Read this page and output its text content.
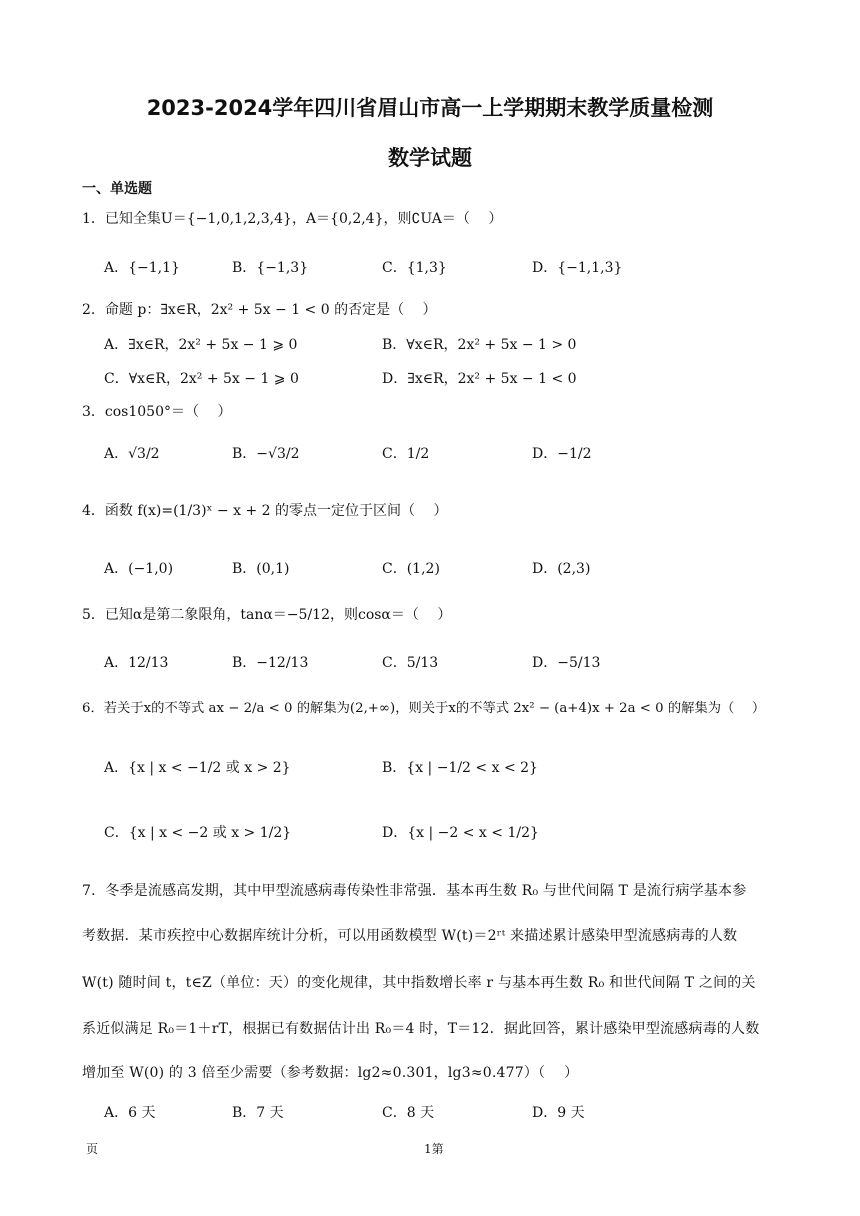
2023-2024学年四川省眉山市高一上学期期末教学质量检测
数学试题
一、单选题
1．已知全集U＝{−1,0,1,2,3,4}，A＝{0,2,4}，则∁UA＝（　 ）
A．{−1,1}	B．{−1,3}	C．{1,3}	D．{−1,1,3}
2．命题 p：∃x∈R，2x² + 5x − 1 < 0 的否定是（　 ）
A．∃x∈R，2x² + 5x − 1 ⩾ 0	B．∀x∈R，2x² + 5x − 1 > 0
C．∀x∈R，2x² + 5x − 1 ⩾ 0	D．∃x∈R，2x² + 5x − 1 < 0
3．cos1050°＝（　 ）
A．√3/2	B．−√3/2	C．1/2	D．−1/2
4．函数 f(x)=(1/3)ˣ − x + 2 的零点一定位于区间（　 ）
A．(−1,0)	B．(0,1)	C．(1,2)	D．(2,3)
5．已知α是第二象限角，tanα＝−5/12，则cosα＝（　 ）
A．12/13	B．−12/13	C．5/13	D．−5/13
6．若关于x的不等式 ax − 2/a < 0 的解集为(2,+∞)，则关于x的不等式 2x² − (a+4)x + 2a < 0 的解集为（　 ）
A．{x | x < −1/2 或 x > 2}	B．{x | −1/2 < x < 2}
C．{x | x < −2 或 x > 1/2}	D．{x | −2 < x < 1/2}
7．冬季是流感高发期，其中甲型流感病毒传染性非常强．基本再生数 R₀ 与世代间隔 T 是流行病学基本参
考数据．某市疾控中心数据库统计分析，可以用函数模型 W(t)＝2ʳᵗ 来描述累计感染甲型流感病毒的人数
W(t) 随时间 t，t∈Z（单位：天）的变化规律，其中指数增长率 r 与基本再生数 R₀ 和世代间隔 T 之间的关
系近似满足 R₀＝1＋rT，根据已有数据估计出 R₀＝4 时，T＝12．据此回答，累计感染甲型流感病毒的人数
增加至 W(0) 的 3 倍至少需要（参考数据：lg2≈0.301，lg3≈0.477）（　 ）
A．6 天	B．7 天	C．8 天	D．9 天
页	1第
